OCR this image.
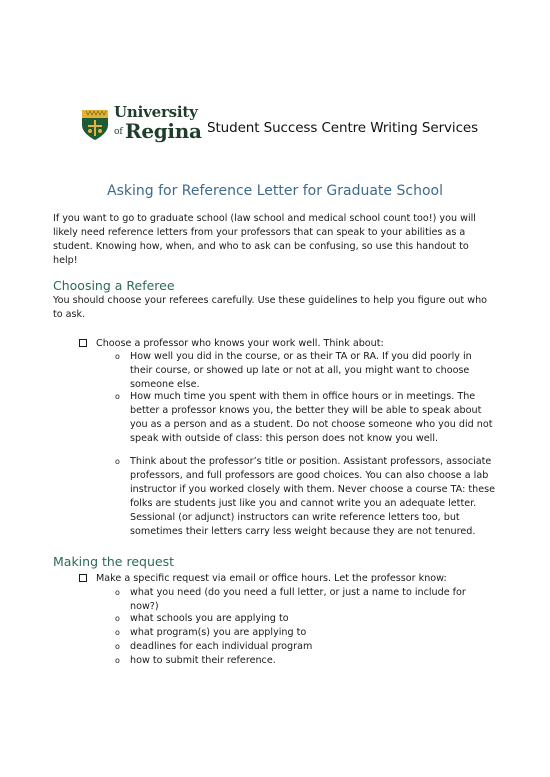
University
of Regina Student Success Centre Writing Services
Asking for Reference Letter for Graduate School
If you want to go to graduate school (law school and medical school count too!) you will likely need reference letters from your professors that can speak to your abilities as a student. Knowing how, when, and who to ask can be confusing, so use this handout to help!
Choosing a Referee
You should choose your referees carefully. Use these guidelines to help you figure out who to ask.
Choose a professor who knows your work well. Think about:
o How well you did in the course, or as their TA or RA. If you did poorly in their course, or showed up late or not at all, you might want to choose someone else.
o How much time you spent with them in office hours or in meetings. The better a professor knows you, the better they will be able to speak about you as a person and as a student. Do not choose someone who you did not speak with outside of class: this person does not know you well.
o Think about the professor’s title or position. Assistant professors, associate professors, and full professors are good choices. You can also choose a lab instructor if you worked closely with them. Never choose a course TA: these folks are students just like you and cannot write you an adequate letter. Sessional (or adjunct) instructors can write reference letters too, but sometimes their letters carry less weight because they are not tenured.
Making the request
Make a specific request via email or office hours. Let the professor know:
o what you need (do you need a full letter, or just a name to include for now?)
o what schools you are applying to
o what program(s) you are applying to
o deadlines for each individual program
o how to submit their reference.
